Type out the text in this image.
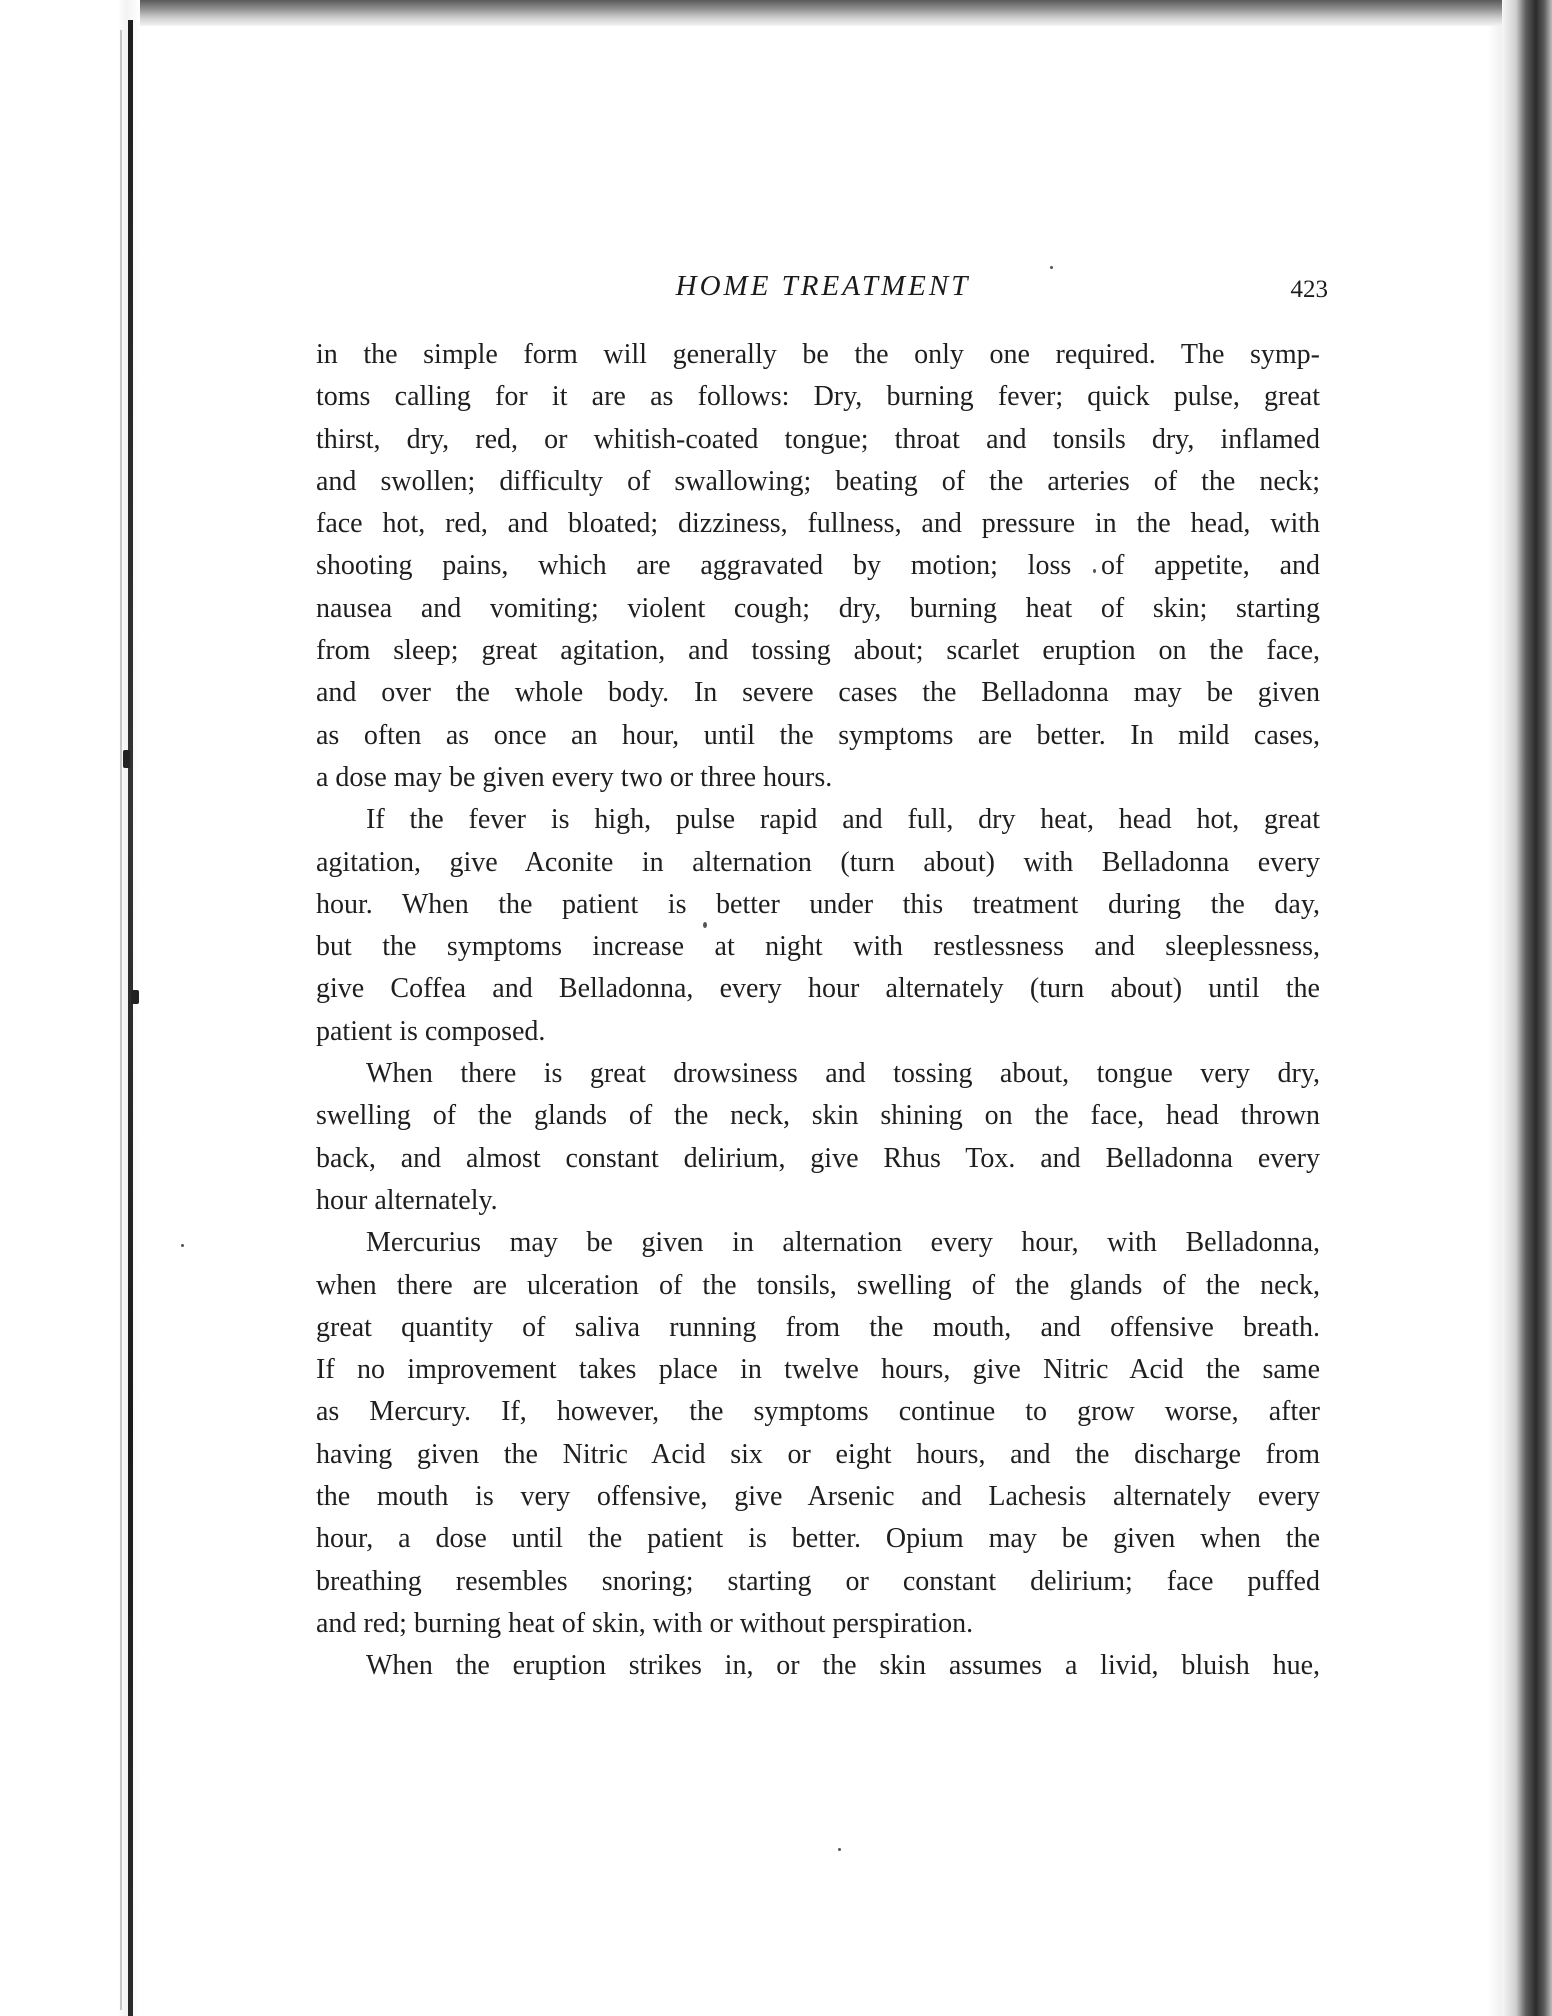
HOME TREATMENT	423
in the simple form will generally be the only one required. The symp-
toms calling for it are as follows: Dry, burning fever; quick pulse, great
thirst, dry, red, or whitish-coated tongue; throat and tonsils dry, inflamed
and swollen; difficulty of swallowing; beating of the arteries of the neck;
face hot, red, and bloated; dizziness, fullness, and pressure in the head, with
shooting pains, which are aggravated by motion; loss of appetite, and
nausea and vomiting; violent cough; dry, burning heat of skin; starting
from sleep; great agitation, and tossing about; scarlet eruption on the face,
and over the whole body. In severe cases the Belladonna may be given
as often as once an hour, until the symptoms are better. In mild cases,
a dose may be given every two or three hours.
If the fever is high, pulse rapid and full, dry heat, head hot, great
agitation, give Aconite in alternation (turn about) with Belladonna every
hour. When the patient is better under this treatment during the day,
but the symptoms increase at night with restlessness and sleeplessness,
give Coffea and Belladonna, every hour alternately (turn about) until the
patient is composed.
When there is great drowsiness and tossing about, tongue very dry,
swelling of the glands of the neck, skin shining on the face, head thrown
back, and almost constant delirium, give Rhus Tox. and Belladonna every
hour alternately.
Mercurius may be given in alternation every hour, with Belladonna,
when there are ulceration of the tonsils, swelling of the glands of the neck,
great quantity of saliva running from the mouth, and offensive breath.
If no improvement takes place in twelve hours, give Nitric Acid the same
as Mercury. If, however, the symptoms continue to grow worse, after
having given the Nitric Acid six or eight hours, and the discharge from
the mouth is very offensive, give Arsenic and Lachesis alternately every
hour, a dose until the patient is better. Opium may be given when the
breathing resembles snoring; starting or constant delirium; face puffed
and red; burning heat of skin, with or without perspiration.
When the eruption strikes in, or the skin assumes a livid, bluish hue,
